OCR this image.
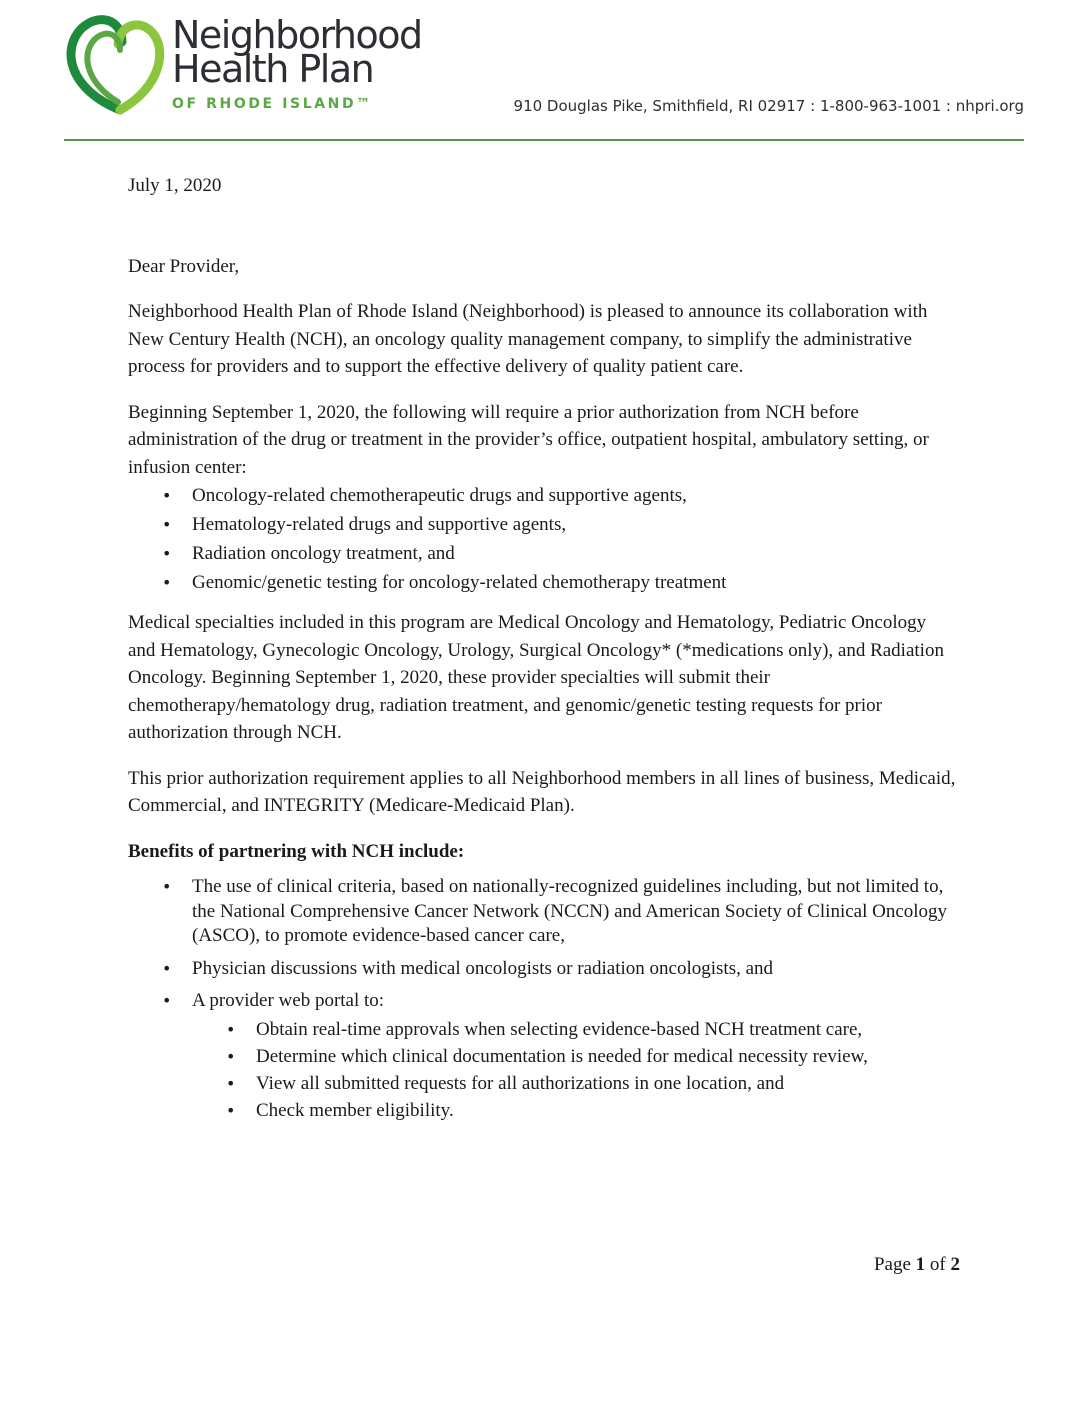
Neighborhood
Health Plan
OF RHODE ISLAND™	910 Douglas Pike, Smithfield, RI 02917 : 1-800-963-1001 : nhpri.org

July 1, 2020

Dear Provider,

Neighborhood Health Plan of Rhode Island (Neighborhood) is pleased to announce its collaboration with New Century Health (NCH), an oncology quality management company, to simplify the administrative process for providers and to support the effective delivery of quality patient care.

Beginning September 1, 2020, the following will require a prior authorization from NCH before administration of the drug or treatment in the provider’s office, outpatient hospital, ambulatory setting, or infusion center:

• Oncology-related chemotherapeutic drugs and supportive agents,
• Hematology-related drugs and supportive agents,
• Radiation oncology treatment, and
• Genomic/genetic testing for oncology-related chemotherapy treatment

Medical specialties included in this program are Medical Oncology and Hematology, Pediatric Oncology and Hematology, Gynecologic Oncology, Urology, Surgical Oncology* (*medications only), and Radiation Oncology. Beginning September 1, 2020, these provider specialties will submit their chemotherapy/hematology drug, radiation treatment, and genomic/genetic testing requests for prior authorization through NCH.

This prior authorization requirement applies to all Neighborhood members in all lines of business, Medicaid, Commercial, and INTEGRITY (Medicare-Medicaid Plan).

Benefits of partnering with NCH include:

• The use of clinical criteria, based on nationally-recognized guidelines including, but not limited to, the National Comprehensive Cancer Network (NCCN) and American Society of Clinical Oncology (ASCO), to promote evidence-based cancer care,
• Physician discussions with medical oncologists or radiation oncologists, and
• A provider web portal to:
• Obtain real-time approvals when selecting evidence-based NCH treatment care,
• Determine which clinical documentation is needed for medical necessity review,
• View all submitted requests for all authorizations in one location, and
• Check member eligibility.
Page 1 of 2
